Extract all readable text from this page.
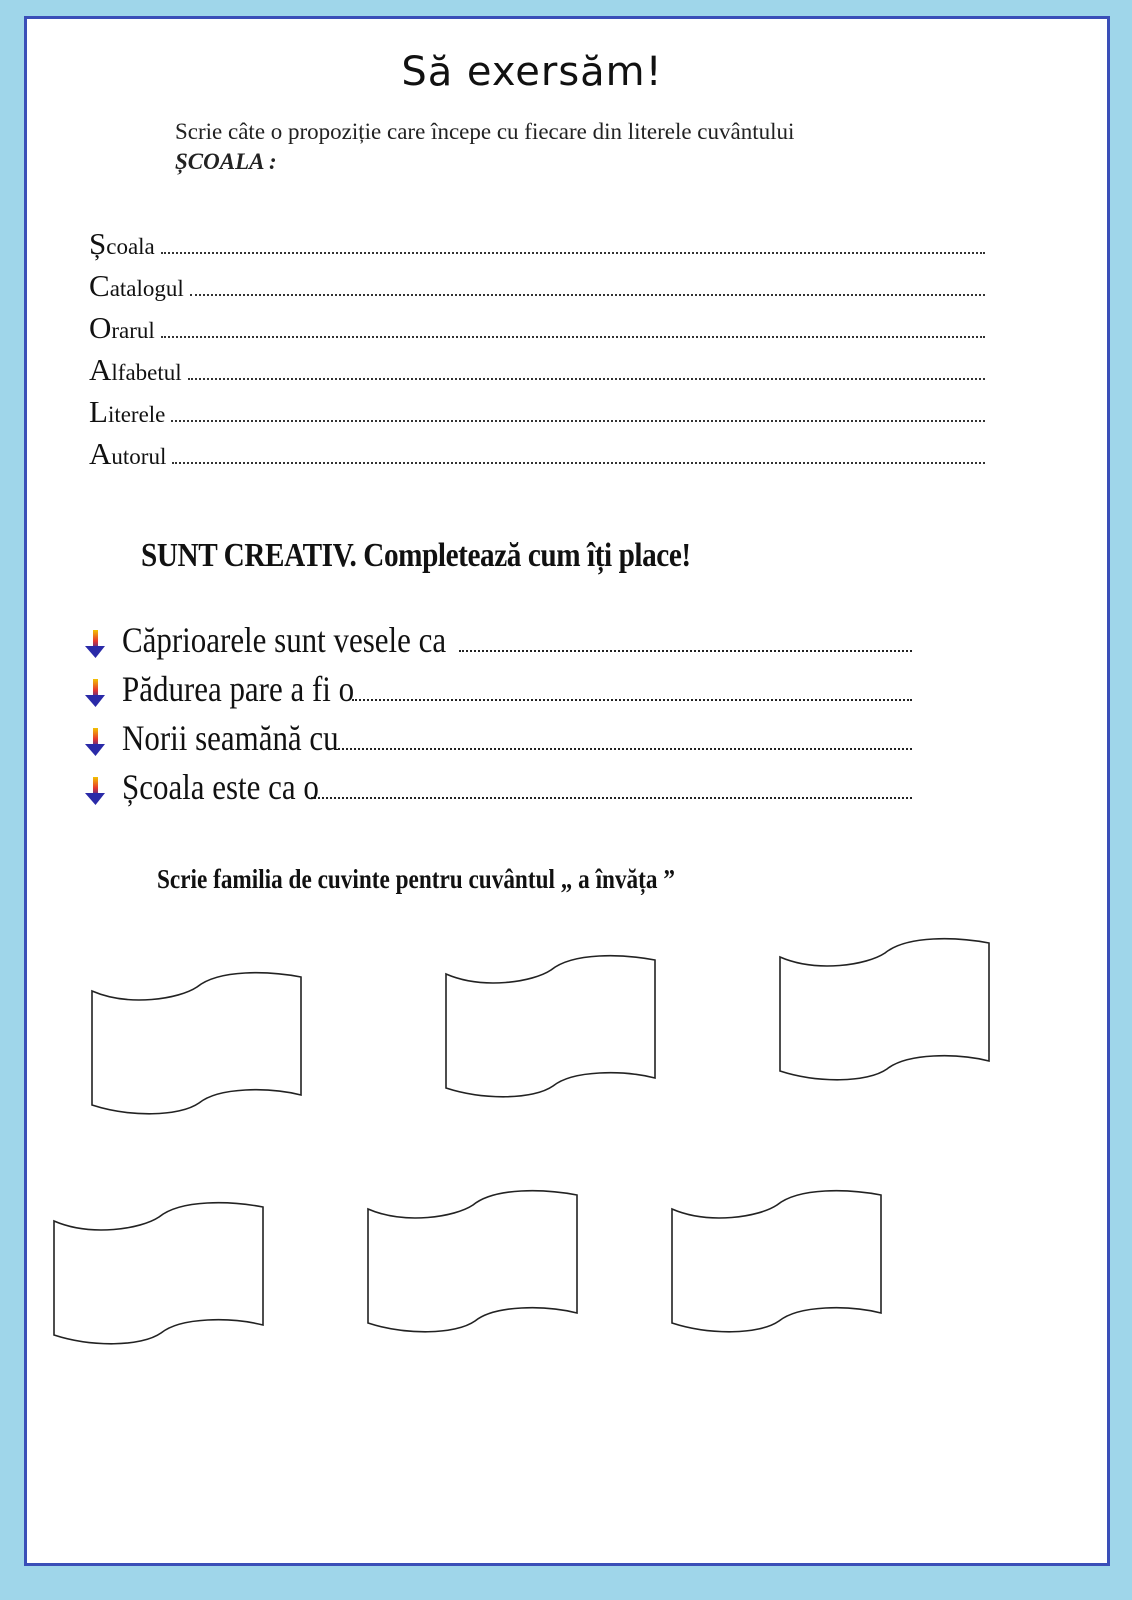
Să exersăm!
Scrie câte o propoziție care începe cu fiecare din literele cuvântului
ȘCOALA :
Ș coala
C atalogul
O rarul
A lfabetul
L iterele
A utorul
SUNT CREATIV. Completează cum îți place!
Căprioarele sunt vesele ca
Pădurea pare a fi o
Norii seamănă cu
Școala este ca o
Scrie familia de cuvinte pentru cuvântul „ a învăța ”
